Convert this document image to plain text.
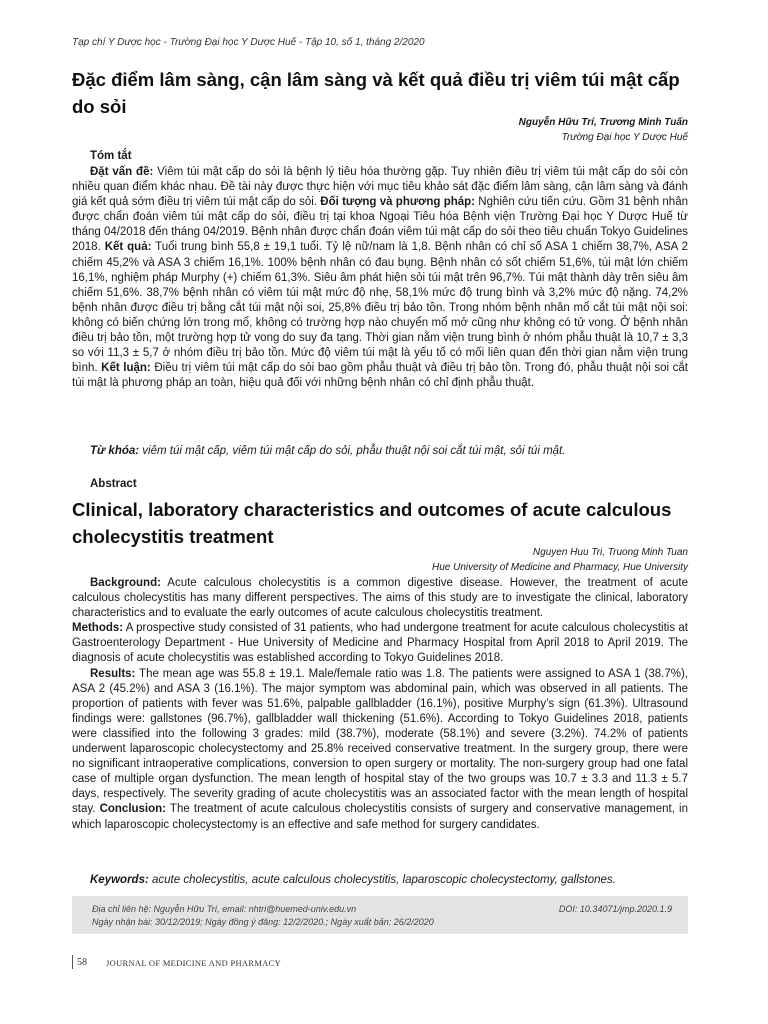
Tạp chí Y Dược học - Trường Đại học Y Dược Huế - Tập 10, số 1, tháng 2/2020
Đặc điểm lâm sàng, cận lâm sàng và kết quả điều trị viêm túi mật cấp do sỏi
Nguyễn Hữu Trí, Trương Minh Tuấn
Trường Đại học Y Dược Huế
Tóm tắt

Đặt vấn đề: Viêm túi mật cấp do sỏi là bệnh lý tiêu hóa thường gặp. Tuy nhiên điều trị viêm túi mật cấp do sỏi còn nhiều quan điểm khác nhau. Đề tài này được thực hiện với mục tiêu khảo sát đặc điểm lâm sàng, cận lâm sàng và đánh giá kết quả sớm điều trị viêm túi mật cấp do sỏi. Đối tượng và phương pháp: Nghiên cứu tiến cứu. Gồm 31 bệnh nhân được chẩn đoán viêm túi mật cấp do sỏi, điều trị tại khoa Ngoại Tiêu hóa Bệnh viện Trường Đại học Y Dược Huế từ tháng 04/2018 đến tháng 04/2019. Bệnh nhân được chẩn đoán viêm túi mật cấp do sỏi theo tiêu chuẩn Tokyo Guidelines 2018. Kết quả: Tuổi trung bình 55,8 ± 19,1 tuổi. Tỷ lệ nữ/nam là 1,8. Bệnh nhân có chỉ số ASA 1 chiếm 38,7%, ASA 2 chiếm 45,2% và ASA 3 chiếm 16,1%. 100% bệnh nhân có đau bụng. Bệnh nhân có sốt chiếm 51,6%, túi mật lớn chiếm 16,1%, nghiệm pháp Murphy (+) chiếm 61,3%. Siêu âm phát hiện sỏi túi mật trên 96,7%. Túi mật thành dày trên siêu âm chiếm 51,6%. 38,7% bệnh nhân có viêm túi mật mức độ nhẹ, 58,1% mức độ trung bình và 3,2% mức độ nặng. 74,2% bệnh nhân được điều trị bằng cắt túi mật nội soi, 25,8% điều trị bảo tồn. Trong nhóm bệnh nhân mổ cắt túi mật nội soi: không có biến chứng lớn trong mổ, không có trường hợp nào chuyển mổ mở cũng như không có tử vong. Ở bệnh nhân điều trị bảo tồn, một trường hợp tử vong do suy đa tạng. Thời gian nằm viện trung bình ở nhóm phẫu thuật là 10,7 ± 3,3 so với 11,3 ± 5,7 ở nhóm điều trị bảo tồn. Mức độ viêm túi mật là yếu tố có mối liên quan đến thời gian nằm viện trung bình. Kết luận: Điều trị viêm túi mật cấp do sỏi bao gồm phẫu thuật và điều trị bảo tồn. Trong đó, phẫu thuật nội soi cắt túi mật là phương pháp an toàn, hiệu quả đối với những bệnh nhân có chỉ định phẫu thuật.

Từ khóa: viêm túi mật cấp, viêm túi mật cấp do sỏi, phẫu thuật nội soi cắt túi mật, sỏi túi mật.

Abstract
Clinical, laboratory characteristics and outcomes of acute calculous cholecystitis treatment
Nguyen Huu Tri, Truong Minh Tuan
Hue University of Medicine and Pharmacy, Hue University

Background: Acute calculous cholecystitis is a common digestive disease. However, the treatment of acute calculous cholecystitis has many different perspectives. The aims of this study are to investigate the clinical, laboratory characteristics and to evaluate the early outcomes of acute calculous cholecystitis treatment.

Methods: A prospective study consisted of 31 patients, who had undergone treatment for acute calculous cholecystitis at Gastroenterology Department - Hue University of Medicine and Pharmacy Hospital from April 2018 to April 2019. The diagnosis of acute cholecystitis was established according to Tokyo Guidelines 2018.

Results: The mean age was 55.8 ± 19.1. Male/female ratio was 1.8. The patients were assigned to ASA 1 (38.7%), ASA 2 (45.2%) and ASA 3 (16.1%). The major symptom was abdominal pain, which was observed in all patients. The proportion of patients with fever was 51.6%, palpable gallbladder (16.1%), positive Murphy’s sign (61.3%). Ultrasound findings were: gallstones (96.7%), gallbladder wall thickening (51.6%). According to Tokyo Guidelines 2018, patients were classified into the following 3 grades: mild (38.7%), moderate (58.1%) and severe (3.2%). 74.2% of patients underwent laparoscopic cholecystectomy and 25.8% received conservative treatment. In the surgery group, there were no significant intraoperative complications, conversion to open surgery or mortality. The non-surgery group had one fatal case of multiple organ dysfunction. The mean length of hospital stay of the two groups was 10.7 ± 3.3 and 11.3 ± 5.7 days, respectively. The severity grading of acute cholecystitis was an associated factor with the mean length of hospital stay. Conclusion: The treatment of acute calculous cholecystitis consists of surgery and conservative management, in which laparoscopic cholecystectomy is an effective and safe method for surgery candidates.

Keywords: acute cholecystitis, acute calculous cholecystitis, laparoscopic cholecystectomy, gallstones.

Địa chỉ liên hệ: Nguyễn Hữu Trí, email: nhtri@huemed-univ.edu.vn
Ngày nhận bài: 30/12/2019; Ngày đồng ý đăng: 12/2/2020.; Ngày xuất bản: 26/2/2020
DOI: 10.34071/jmp.2020.1.9
58 JOURNAL OF MEDICINE AND PHARMACY
